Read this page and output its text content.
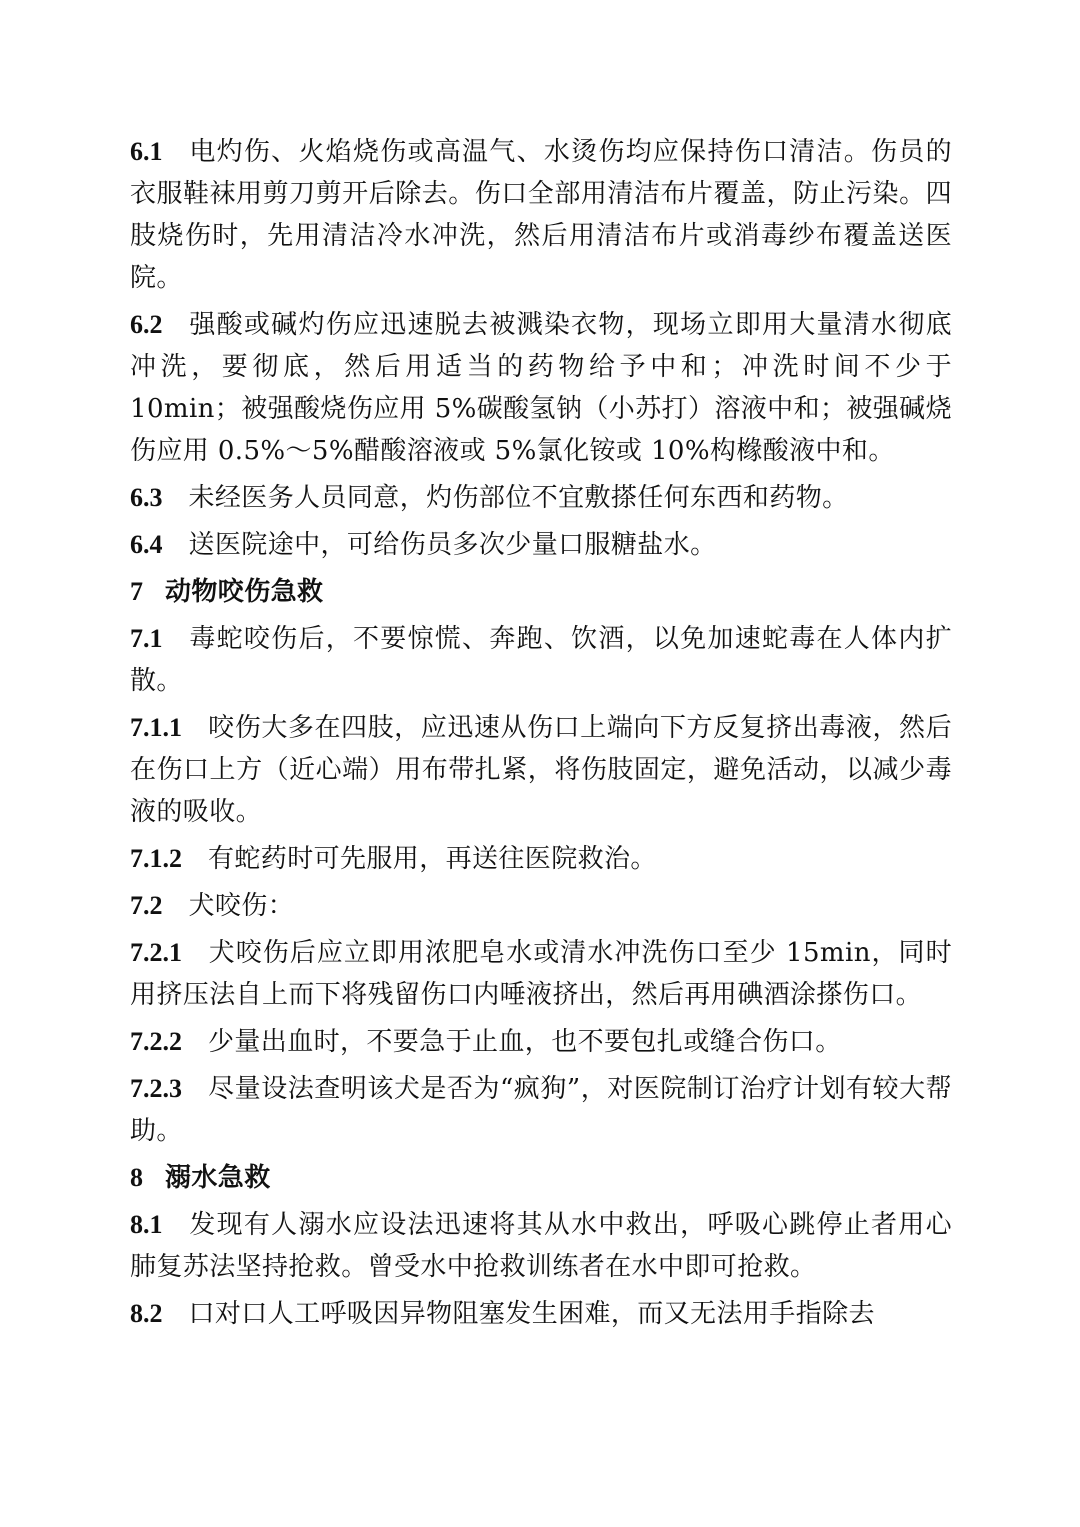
6.1 电灼伤、火焰烧伤或高温气、水烫伤均应保持伤口清洁。伤员的衣服鞋袜用剪刀剪开后除去。伤口全部用清洁布片覆盖，防止污染。四肢烧伤时，先用清洁冷水冲洗，然后用清洁布片或消毒纱布覆盖送医院。

6.2 强酸或碱灼伤应迅速脱去被溅染衣物，现场立即用大量清水彻底冲洗，要彻底，然后用适当的药物给予中和；冲洗时间不少于 10min；被强酸烧伤应用 5%碳酸氢钠（小苏打）溶液中和；被强碱烧伤应用 0.5%～5%醋酸溶液或 5%氯化铵或 10%构橼酸液中和。

6.3 未经医务人员同意，灼伤部位不宜敷搽任何东西和药物。

6.4 送医院途中，可给伤员多次少量口服糖盐水。

7 动物咬伤急救

7.1 毒蛇咬伤后，不要惊慌、奔跑、饮酒，以免加速蛇毒在人体内扩散。

7.1.1 咬伤大多在四肢，应迅速从伤口上端向下方反复挤出毒液，然后在伤口上方（近心端）用布带扎紧，将伤肢固定，避免活动，以减少毒液的吸收。

7.1.2 有蛇药时可先服用，再送往医院救治。

7.2 犬咬伤：

7.2.1 犬咬伤后应立即用浓肥皂水或清水冲洗伤口至少 15min，同时用挤压法自上而下将残留伤口内唾液挤出，然后再用碘酒涂搽伤口。

7.2.2 少量出血时，不要急于止血，也不要包扎或缝合伤口。

7.2.3 尽量设法查明该犬是否为“疯狗”，对医院制订治疗计划有较大帮助。

8 溺水急救

8.1 发现有人溺水应设法迅速将其从水中救出，呼吸心跳停止者用心肺复苏法坚持抢救。曾受水中抢救训练者在水中即可抢救。

8.2 口对口人工呼吸因异物阻塞发生困难，而又无法用手指除去
